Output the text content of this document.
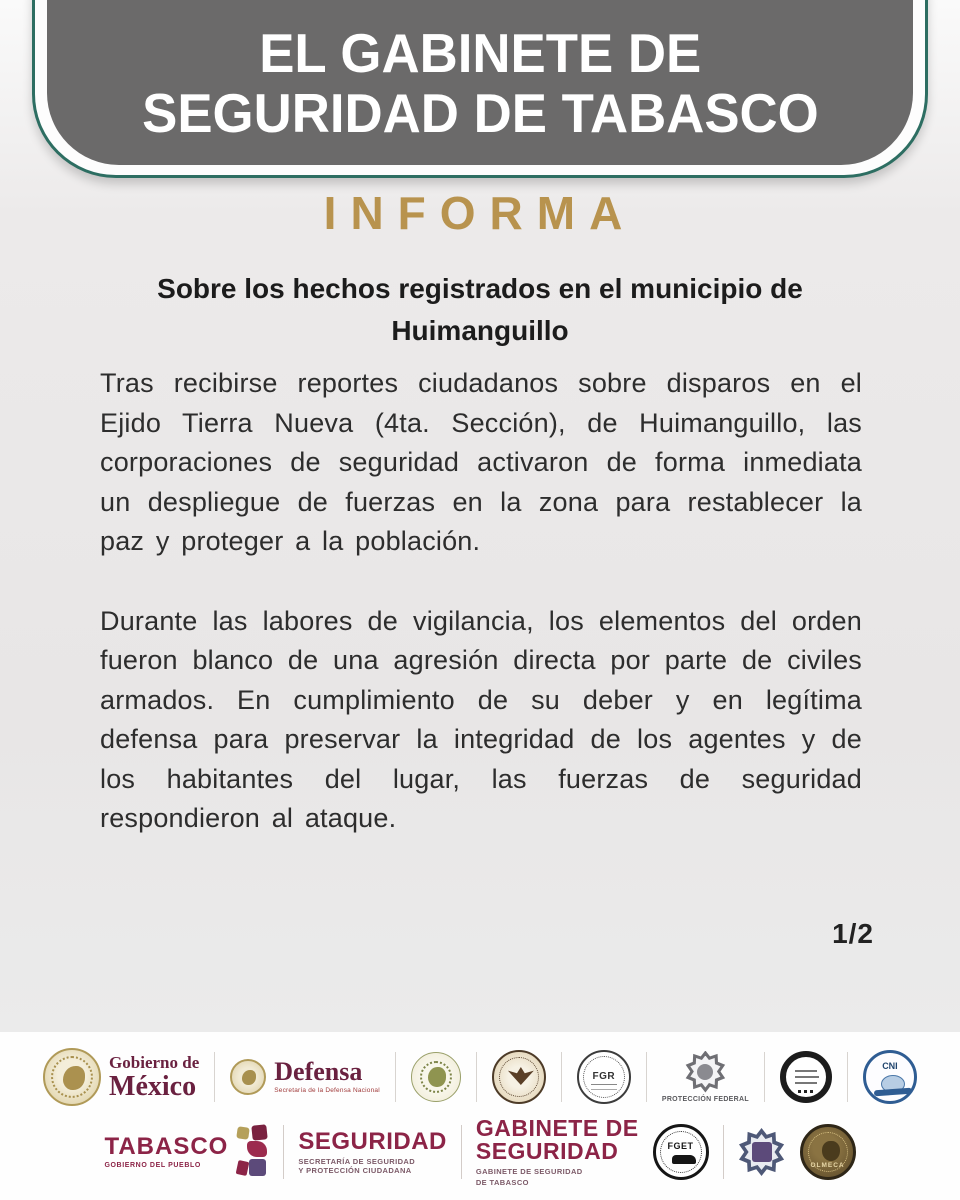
EL GABINETE DE
SEGURIDAD DE TABASCO
INFORMA
Sobre los hechos registrados en el municipio de Huimanguillo

Tras recibirse reportes ciudadanos sobre disparos en el Ejido Tierra Nueva (4ta. Sección), de Huimanguillo, las corporaciones de seguridad activaron de forma inmediata un despliegue de fuerzas en la zona para restablecer la paz y proteger a la población.

Durante las labores de vigilancia, los elementos del orden fueron blanco de una agresión directa por parte de civiles armados. En cumplimiento de su deber y en legítima defensa para preservar la integridad de los agentes y de los habitantes del lugar, las fuerzas de seguridad respondieron al ataque.

1/2
Gobierno de
México	Defensa
Secretaría de la Defensa Nacional
FGR
PROTECCIÓN FEDERAL
CNI
TABASCO
GOBIERNO DEL PUEBLO
SEGURIDAD
SECRETARÍA DE SEGURIDAD
Y PROTECCIÓN CIUDADANA
GABINETE DE
SEGURIDAD
GABINETE DE SEGURIDAD
DE TABASCO
FGET
OLMECA
